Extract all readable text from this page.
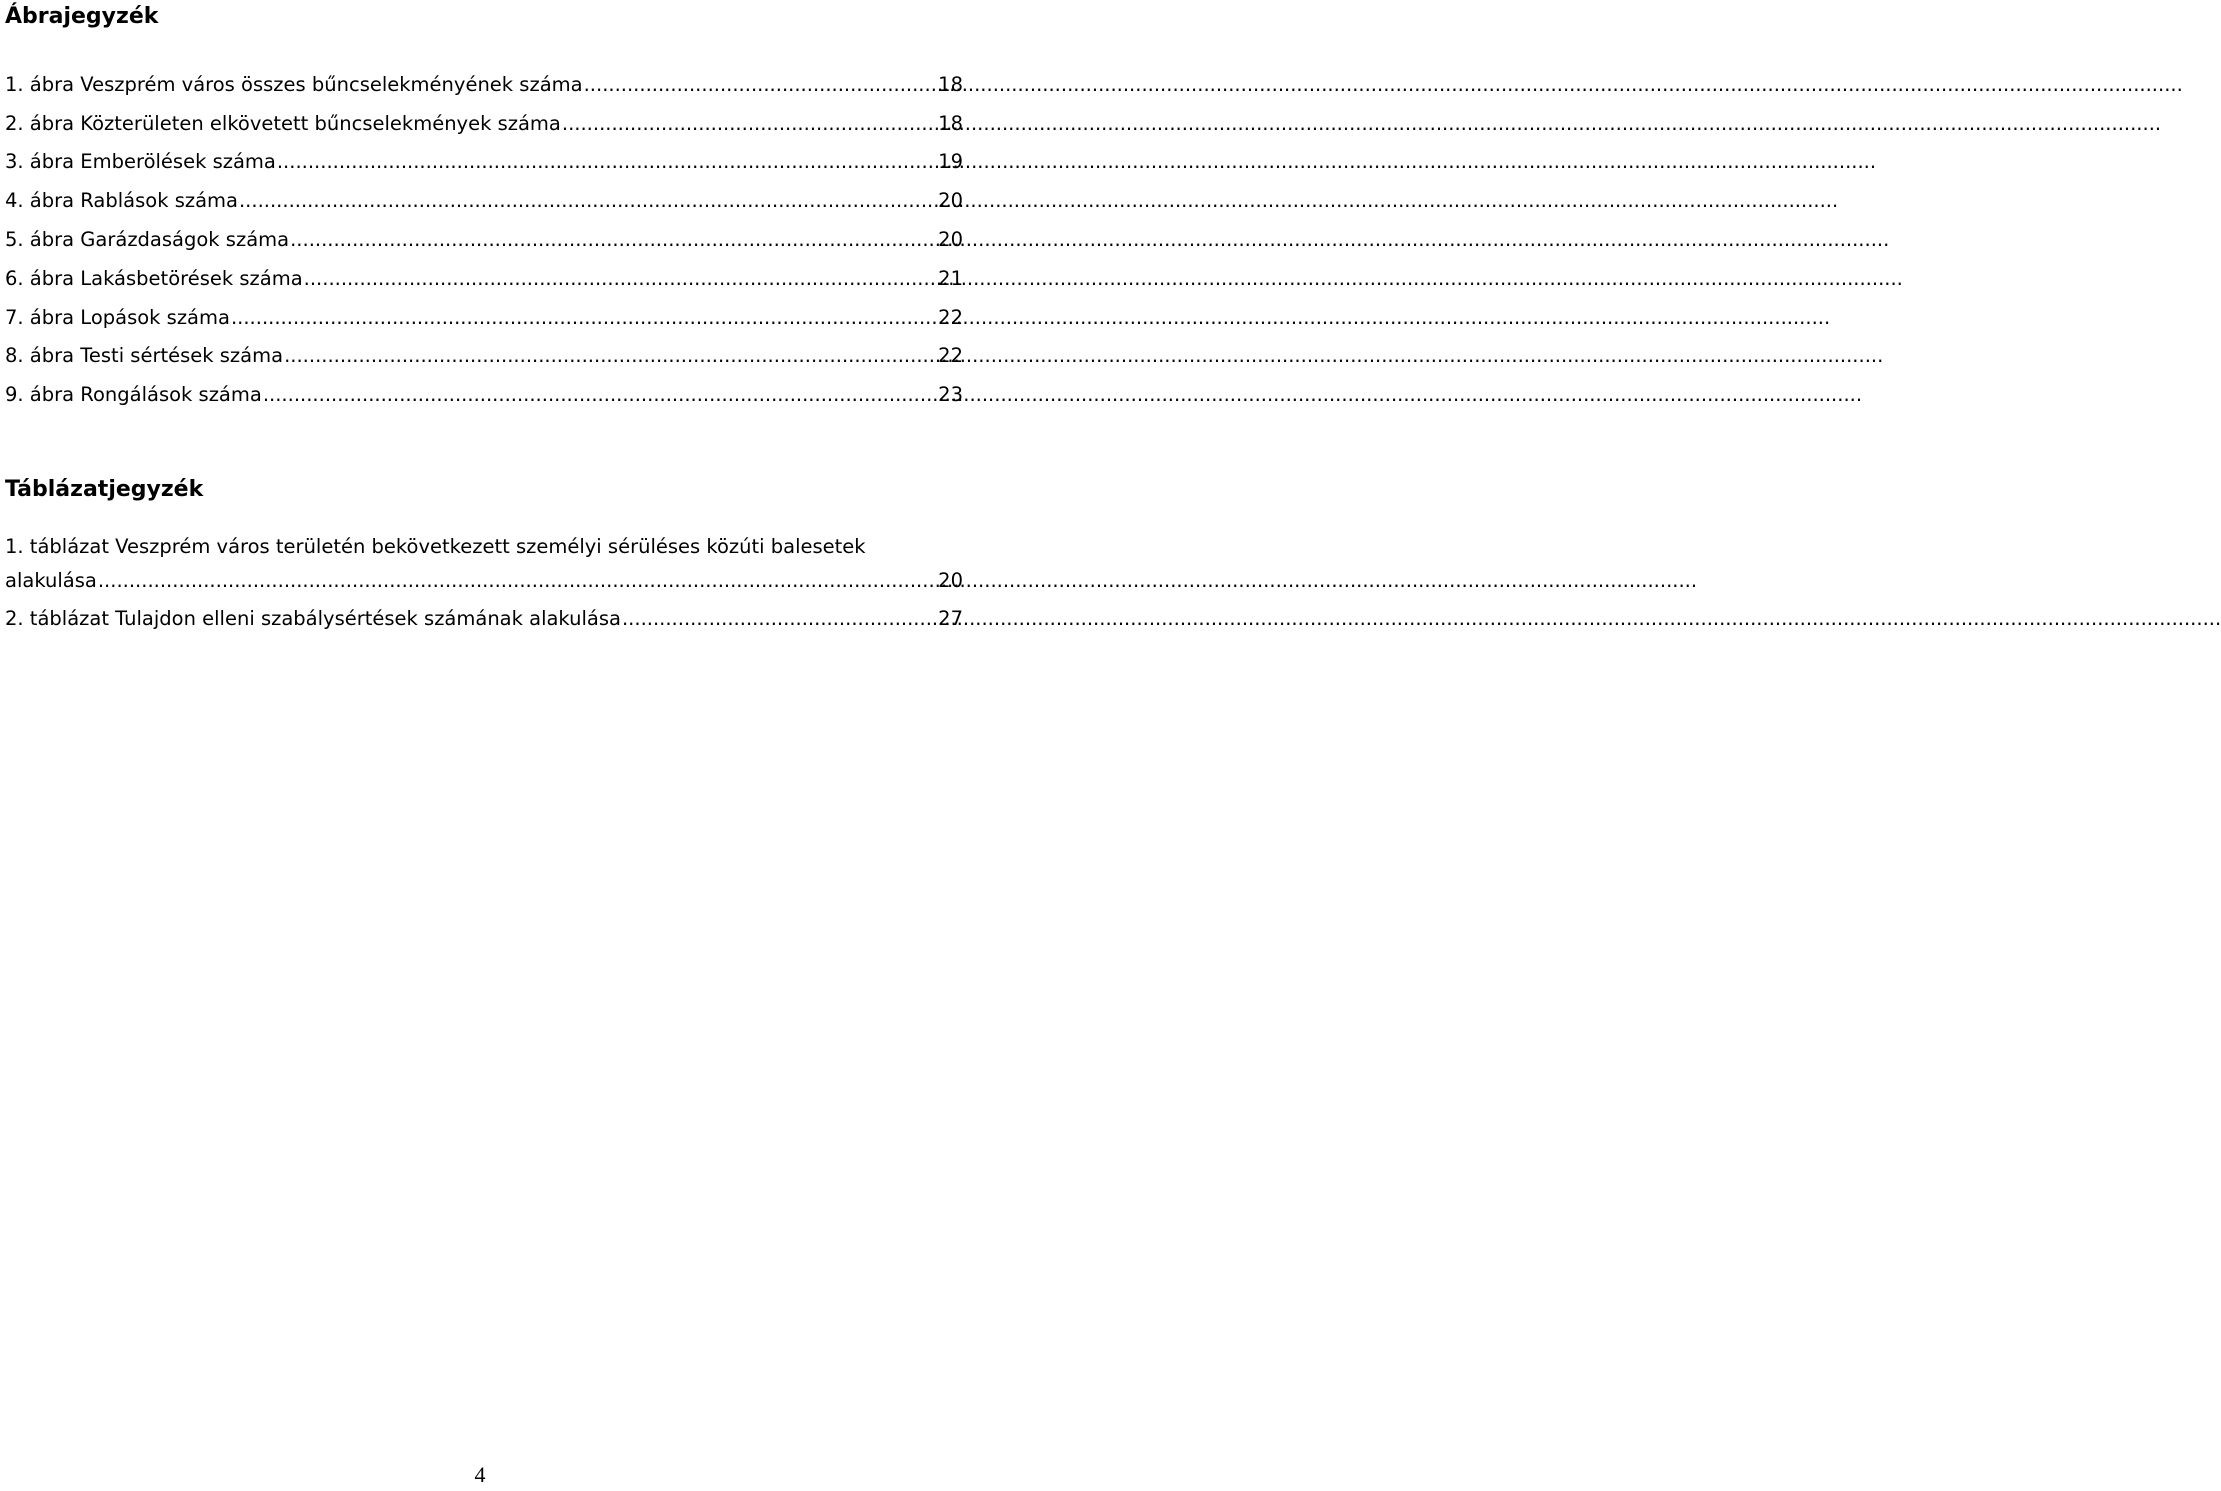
Ábrajegyzék
1. ábra Veszprém város összes bűncselekményének száma .....	18
2. ábra Közterületen elkövetett bűncselekmények száma .....	18
3. ábra Emberölések száma .....	19
4. ábra Rablások száma .....	20
5. ábra Garázdaságok száma .....	20
6. ábra Lakásbetörések száma .....	21
7. ábra Lopások száma .....	22
8. ábra Testi sértések száma .....	22
9. ábra Rongálások száma .....	23
Táblázatjegyzék
1. táblázat Veszprém város területén bekövetkezett személyi sérüléses közúti balesetek
alakulása .....	20
2. táblázat Tulajdon elleni szabálysértések számának alakulása .....	27
4
